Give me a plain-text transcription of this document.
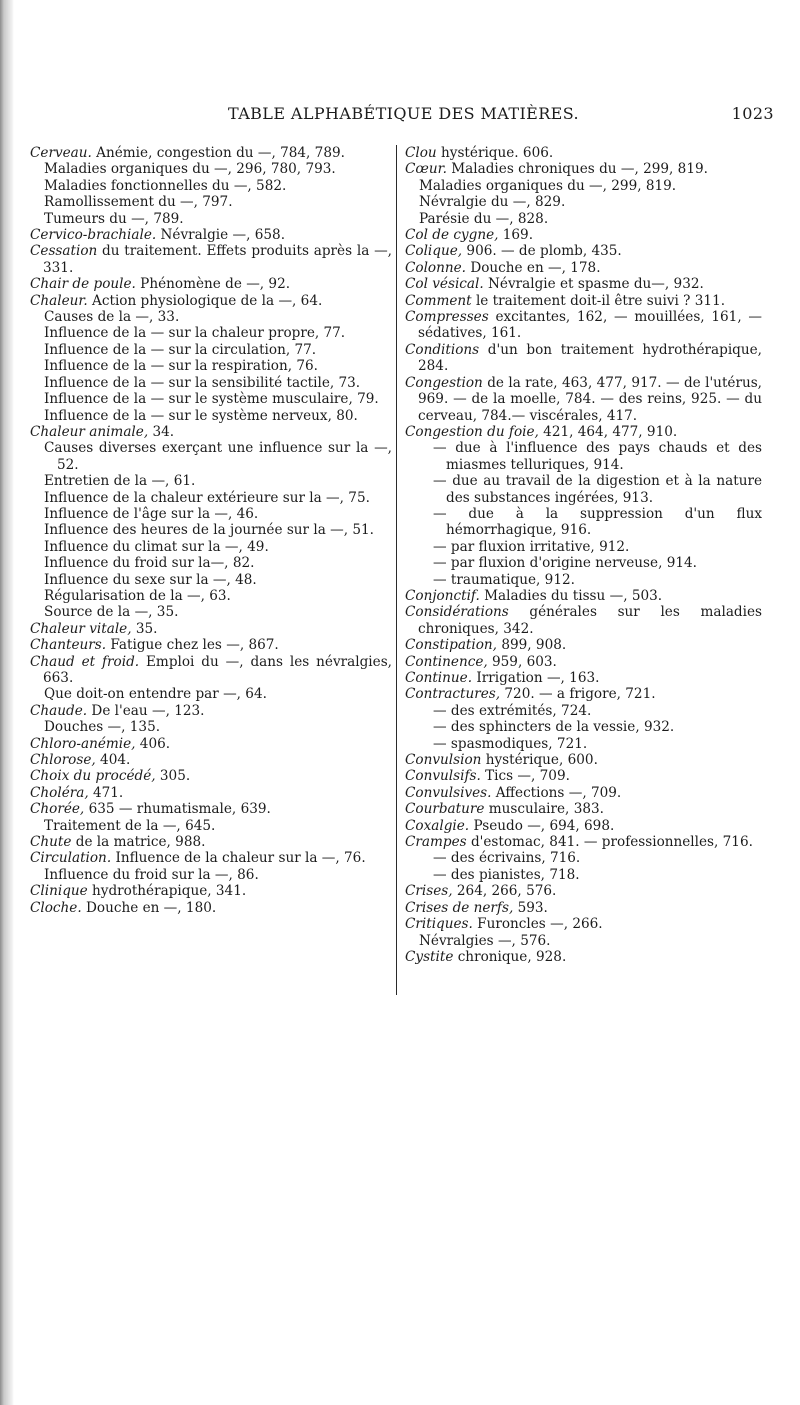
TABLE ALPHABÉTIQUE DES MATIÈRES.	1023

Cerveau. Anémie, congestion du —, 784, 789.

Maladies organiques du —, 296, 780, 793.

Maladies fonctionnelles du —, 582.

Ramollissement du —, 797.

Tumeurs du —, 789.

Cervico-brachiale. Névralgie —, 658.

Cessation du traitement. Effets produits après la —, 331.

Chair de poule. Phénomène de —, 92.

Chaleur. Action physiologique de la —, 64.

Causes de la —, 33.

Influence de la — sur la chaleur propre, 77.

Influence de la — sur la circulation, 77.

Influence de la — sur la respiration, 76.

Influence de la — sur la sensibilité tactile, 73.

Influence de la — sur le système musculaire, 79.

Influence de la — sur le système nerveux, 80.

Chaleur animale, 34.

Causes diverses exerçant une influence sur la —, 52.

Entretien de la —, 61.

Influence de la chaleur extérieure sur la —, 75.

Influence de l'âge sur la —, 46.

Influence des heures de la journée sur la —, 51.

Influence du climat sur la —, 49.

Influence du froid sur la—, 82.

Influence du sexe sur la —, 48.

Régularisation de la —, 63.

Source de la —, 35.

Chaleur vitale, 35.

Chanteurs. Fatigue chez les —, 867.

Chaud et froid. Emploi du —, dans les névralgies, 663.

Que doit-on entendre par —, 64.

Chaude. De l'eau —, 123.

Douches —, 135.

Chloro-anémie, 406.

Chlorose, 404.

Choix du procédé, 305.

Choléra, 471.

Chorée, 635 — rhumatismale, 639.

Traitement de la —, 645.

Chute de la matrice, 988.

Circulation. Influence de la chaleur sur la —, 76.

Influence du froid sur la —, 86.

Clinique hydrothérapique, 341.

Cloche. Douche en —, 180.

Clou hystérique. 606.

Cœur. Maladies chroniques du —, 299, 819.

Maladies organiques du —, 299, 819.

Névralgie du —, 829.

Parésie du —, 828.

Col de cygne, 169.

Colique, 906. — de plomb, 435.

Colonne. Douche en —, 178.

Col vésical. Névralgie et spasme du—, 932.

Comment le traitement doit-il être suivi ? 311.

Compresses excitantes, 162, — mouillées, 161, — sédatives, 161.

Conditions d'un bon traitement hydrothérapique, 284.

Congestion de la rate, 463, 477, 917. — de l'utérus, 969. — de la moelle, 784. — des reins, 925. — du cerveau, 784.— viscérales, 417.

Congestion du foie, 421, 464, 477, 910.

— due à l'influence des pays chauds et des miasmes telluriques, 914.

— due au travail de la digestion et à la nature des substances ingérées, 913.

— due à la suppression d'un flux hémorrhagique, 916.

— par fluxion irritative, 912.

— par fluxion d'origine nerveuse, 914.

— traumatique, 912.

Conjonctif. Maladies du tissu —, 503.

Considérations générales sur les maladies chroniques, 342.

Constipation, 899, 908.

Continence, 959, 603.

Continue. Irrigation —, 163.

Contractures, 720. — a frigore, 721.

— des extrémités, 724.

— des sphincters de la vessie, 932.

— spasmodiques, 721.

Convulsion hystérique, 600.

Convulsifs. Tics —, 709.

Convulsives. Affections —, 709.

Courbature musculaire, 383.

Coxalgie. Pseudo —, 694, 698.

Crampes d'estomac, 841. — professionnelles, 716.

— des écrivains, 716.

— des pianistes, 718.

Crises, 264, 266, 576.

Crises de nerfs, 593.

Critiques. Furoncles —, 266.

Névralgies —, 576.

Cystite chronique, 928.
